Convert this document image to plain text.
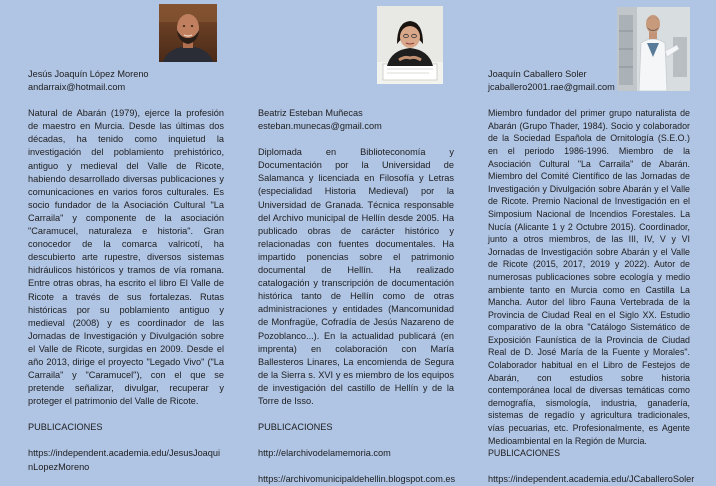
Jesús Joaquín López Moreno

andarraix@hotmail.com

Natural de Abarán (1979), ejerce la profesión de maestro en Murcia. Desde las últimas dos décadas, ha tenido como inquietud la investigación del poblamiento prehistórico, antiguo y medieval del Valle de Ricote, habiendo desarrollado diversas publicaciones y comunicaciones en varios foros culturales. Es socio fundador de la Asociación Cultural "La Carraila" y componente de la asociación "Caramucel, naturaleza e historia". Gran conocedor de la comarca valricotí, ha descubierto arte rupestre, diversos sistemas hidráulicos históricos y tramos de vía romana. Entre otras obras, ha escrito el libro El Valle de Ricote a través de sus fortalezas. Rutas históricas por su poblamiento antiguo y medieval (2008) y es coordinador de las Jornadas de Investigación y Divulgación sobre el Valle de Ricote, surgidas en 2009. Desde el año 2013, dirige el proyecto "Legado Vivo" ("La Carraila" y "Caramucel"), con el que se pretende señalizar, divulgar, recuperar y proteger el patrimonio del Valle de Ricote.

PUBLICACIONES

https://independent.academia.edu/JesusJoaquinLopezMoreno

Beatriz Esteban Muñecas

esteban.munecas@gmail.com

Diplomada en Biblioteconomía y Documentación por la Universidad de Salamanca y licenciada en Filosofía y Letras (especialidad Historia Medieval) por la Universidad de Granada. Técnica responsable del Archivo municipal de Hellín desde 2005. Ha publicado obras de carácter histórico y relacionadas con fuentes documentales. Ha impartido ponencias sobre el patrimonio documental de Hellín. Ha realizado catalogación y transcripción de documentación histórica tanto de Hellín como de otras administraciones y entidades (Mancomunidad de Monfragüe, Cofradía de Jesús Nazareno de Pozoblanco...). En la actualidad publicará (en imprenta) en colaboración con María Ballesteros Linares, La encomienda de Segura de la Sierra s. XVI y es miembro de los equipos de investigación del castillo de Hellín y de la Torre de Isso.

PUBLICACIONES

http://elarchivodelamemoria.com

https://archivomunicipaldehellin.blogspot.com.es

Joaquín Caballero Soler

jcaballero2001.rae@gmail.com

Miembro fundador del primer grupo naturalista de Abarán (Grupo Thader, 1984). Socio y colaborador de la Sociedad Española de Ornitología (S.E.O.) en el periodo 1986-1996. Miembro de la Asociación Cultural "La Carraila" de Abarán. Miembro del Comité Científico de las Jornadas de Investigación y Divulgación sobre Abarán y el Valle de Ricote. Premio Nacional de Investigación en el Simposium Nacional de Incendios Forestales. La Nucía (Alicante 1 y 2 Octubre 2015). Coordinador, junto a otros miembros, de las III, IV, V y VI Jornadas de Investigación sobre Abarán y el Valle de Ricote (2015, 2017, 2019 y 2022). Autor de numerosas publicaciones sobre ecología y medio ambiente tanto en Murcia como en Castilla La Mancha. Autor del libro Fauna Vertebrada de la Provincia de Ciudad Real en el Siglo XX. Estudio comparativo de la obra "Catálogo Sistemático de Exposición Faunística de la Provincia de Ciudad Real de D. José María de la Fuente y Morales". Colaborador habitual en el Libro de Festejos de Abarán, con estudios sobre historia contemporánea local de diversas temáticas como demografía, sismología, industria, ganadería, sistemas de regadío y agricultura tradicionales, vías pecuarias, etc. Profesionalmente, es Agente Medioambiental en la Región de Murcia.

PUBLICACIONES

https://independent.academia.edu/JCaballeroSoler
